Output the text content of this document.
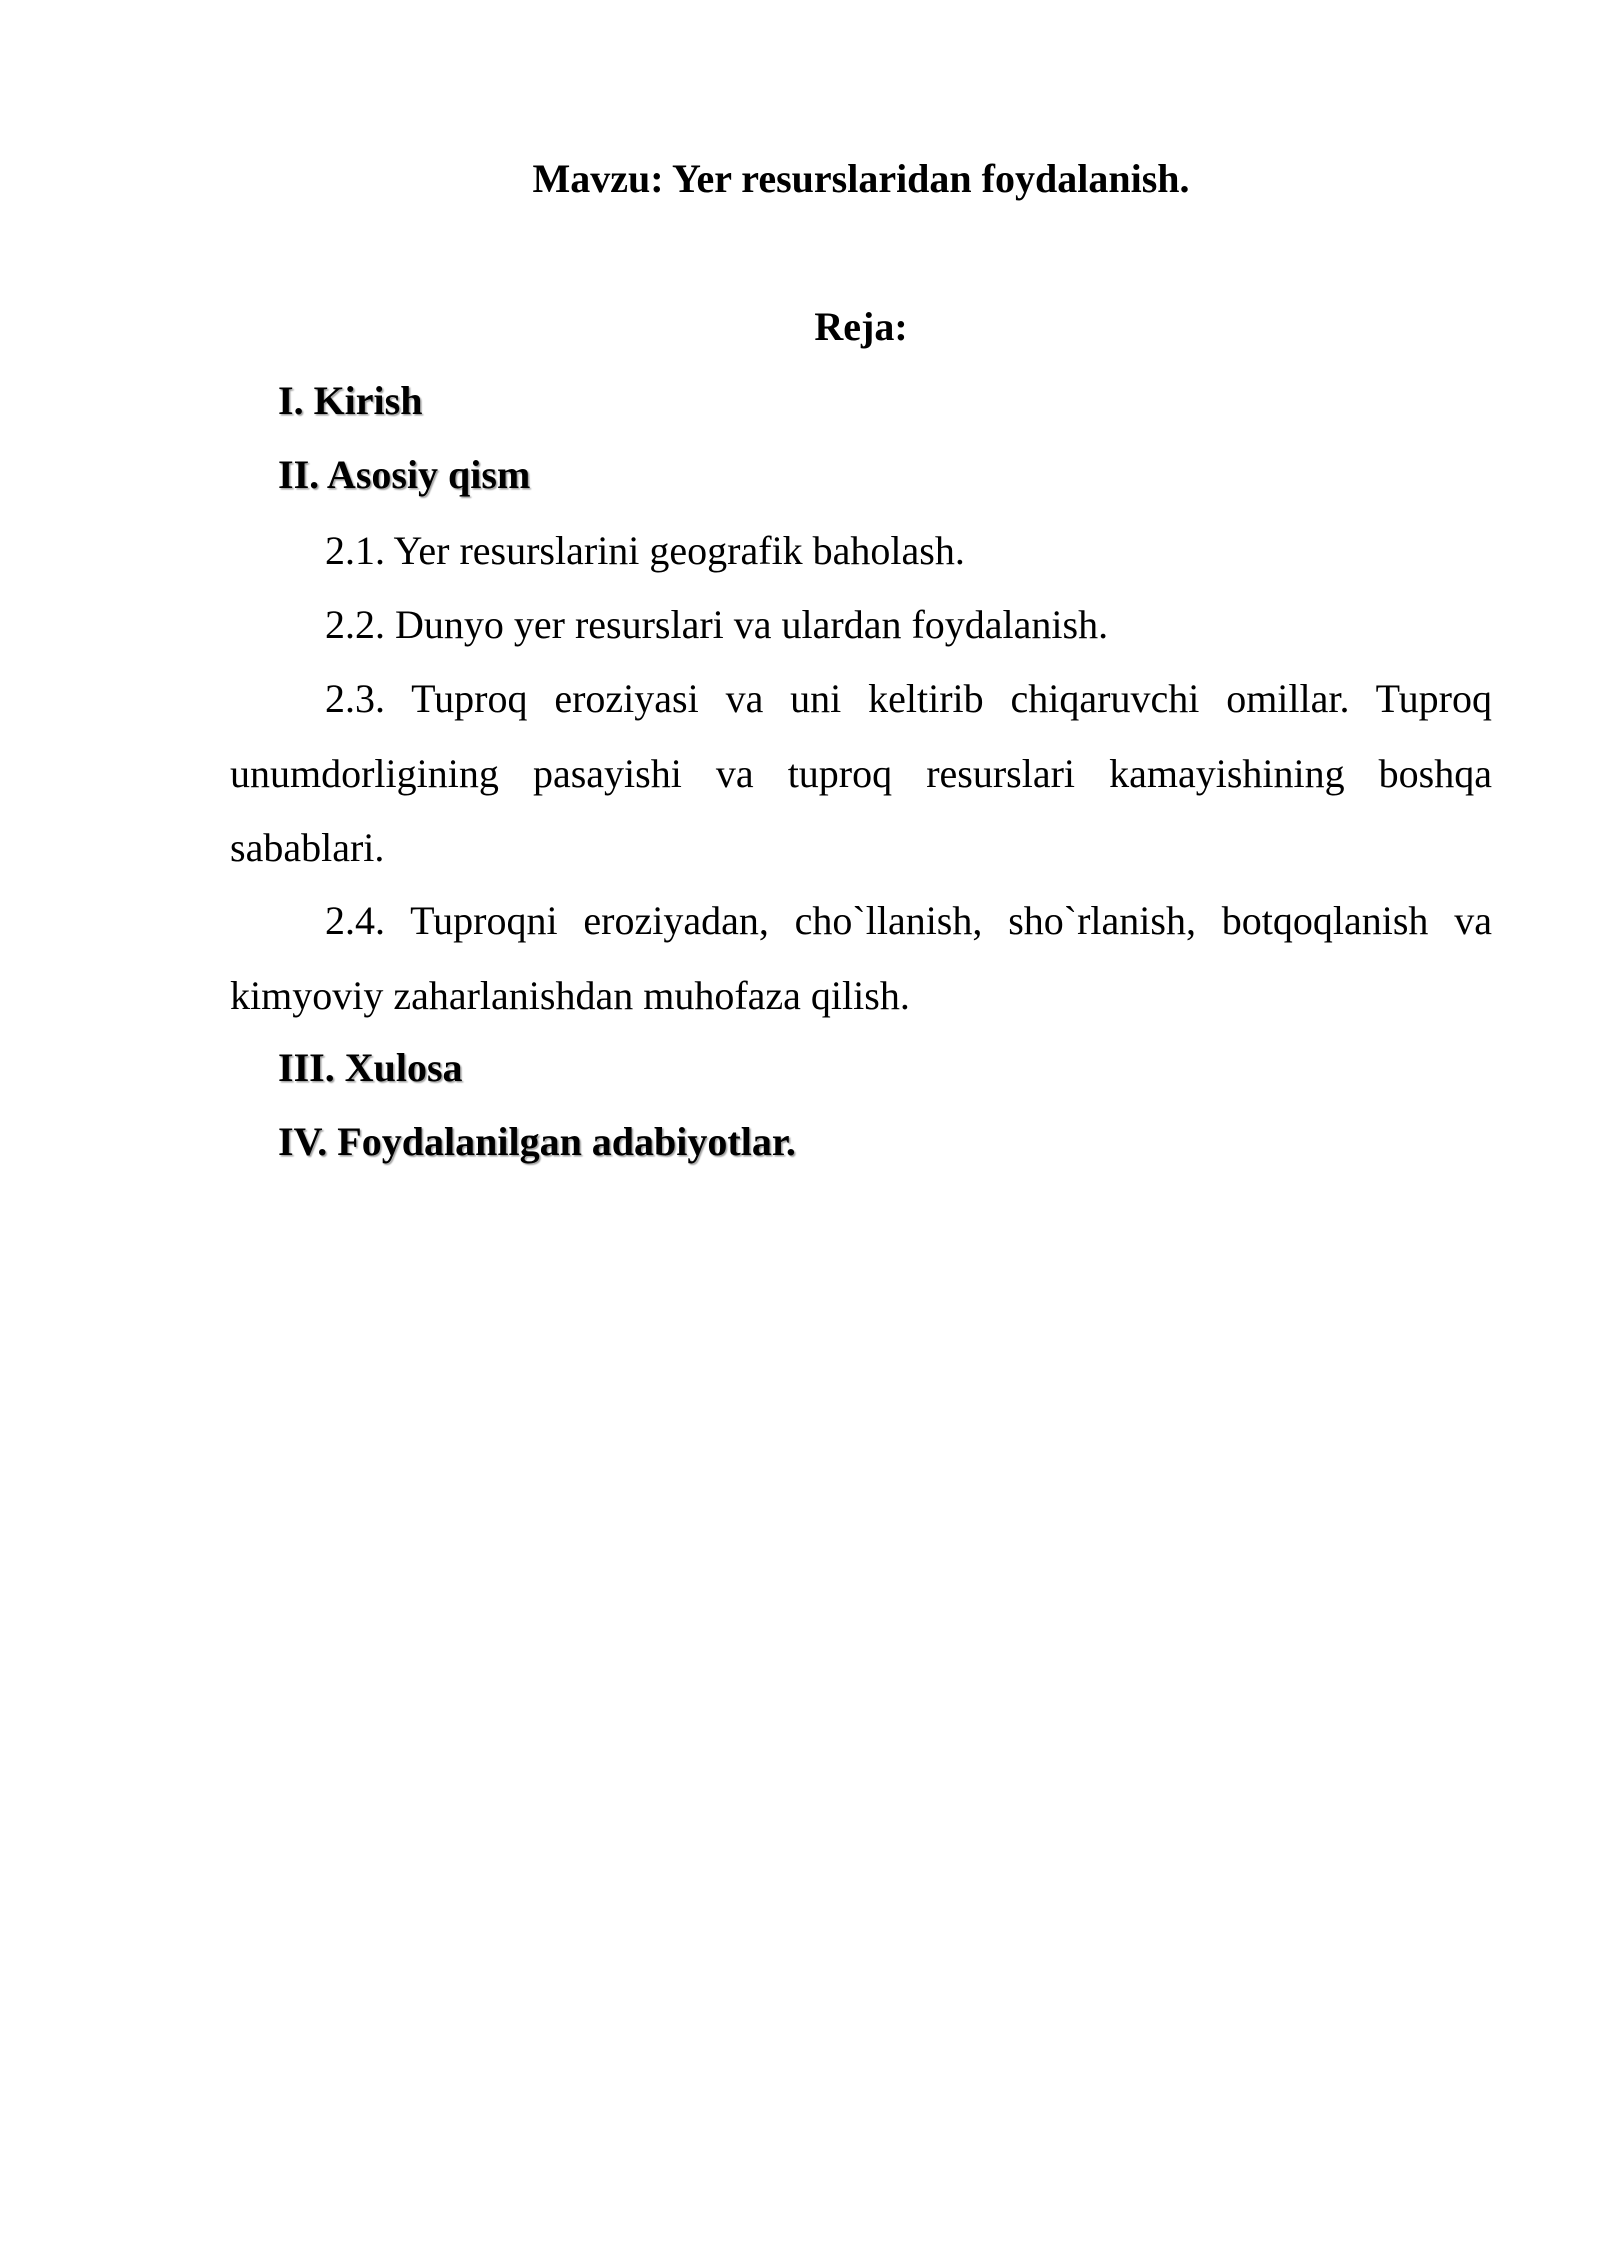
Mavzu: Yer resurslaridan foydalanish.
Reja:
I. Kirish
II. Asosiy qism
2.1. Yer resurslarini geografik baholash.
2.2. Dunyo yer resurslari va ulardan foydalanish.
2.3. Tuproq eroziyasi va uni keltirib chiqaruvchi omillar. Tuproq unumdorligining pasayishi va tuproq resurslari kamayishining boshqa sabablari.
2.4. Tuproqni eroziyadan, cho`llanish, sho`rlanish, botqoqlanish va kimyoviy zaharlanishdan muhofaza qilish.
III. Xulosa
IV. Foydalanilgan adabiyotlar.
